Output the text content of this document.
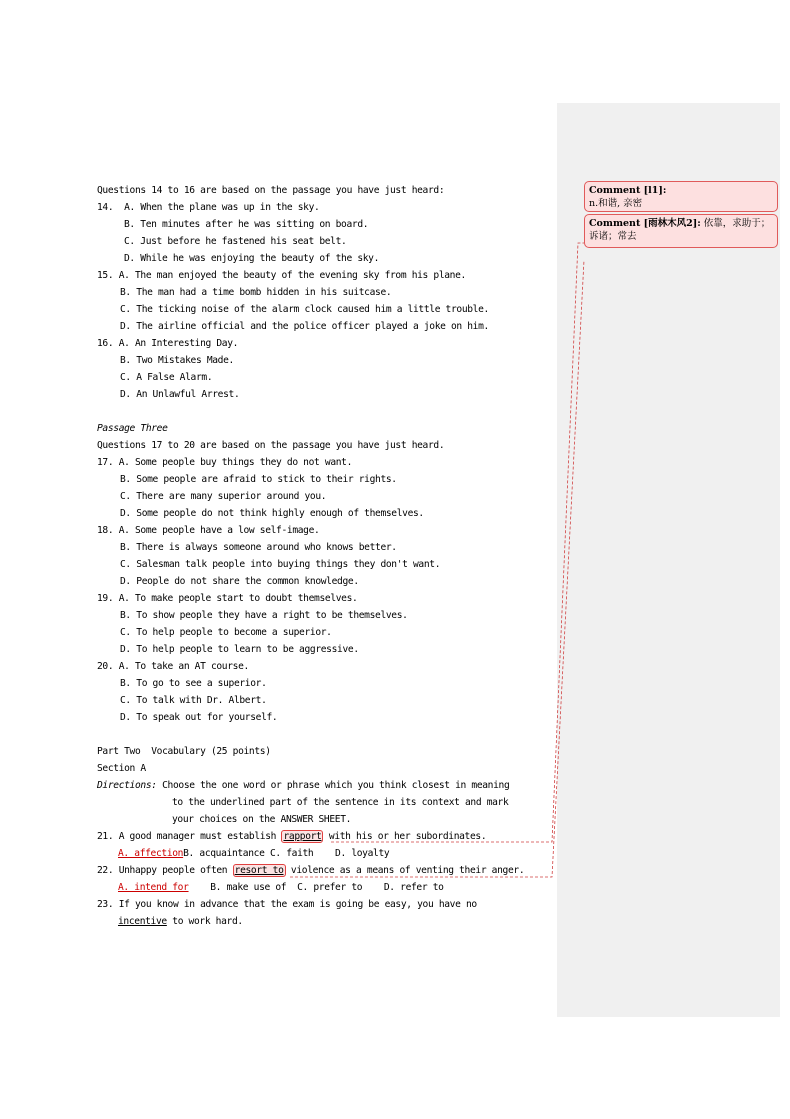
Questions 14 to 16 are based on the passage you have just heard:
14.  A. When the plane was up in the sky.
B. Ten minutes after he was sitting on board.
C. Just before he fastened his seat belt.
D. While he was enjoying the beauty of the sky.
15. A. The man enjoyed the beauty of the evening sky from his plane.
B. The man had a time bomb hidden in his suitcase.
C. The ticking noise of the alarm clock caused him a little trouble.
D. The airline official and the police officer played a joke on him.
16. A. An Interesting Day.
B. Two Mistakes Made.
C. A False Alarm.
D. An Unlawful Arrest.
Passage Three
Questions 17 to 20 are based on the passage you have just heard.
17. A. Some people buy things they do not want.
B. Some people are afraid to stick to their rights.
C. There are many superior around you.
D. Some people do not think highly enough of themselves.
18. A. Some people have a low self-image.
B. There is always someone around who knows better.
C. Salesman talk people into buying things they don't want.
D. People do not share the common knowledge.
19. A. To make people start to doubt themselves.
B. To show people they have a right to be themselves.
C. To help people to become a superior.
D. To help people to learn to be aggressive.
20. A. To take an AT course.
B. To go to see a superior.
C. To talk with Dr. Albert.
D. To speak out for yourself.
Part Two  Vocabulary (25 points)
Section A
Directions: Choose the one word or phrase which you think closest in meaning
to the underlined part of the sentence in its context and mark
your choices on the ANSWER SHEET.
21. A good manager must establish rapport with his or her subordinates.
A. affectionB. acquaintance C. faith    D. loyalty
22. Unhappy people often resort to violence as a means of venting their anger.
A. intend for    B. make use of  C. prefer to    D. refer to
23. If you know in advance that the exam is going be easy, you have no
incentive to work hard.
Comment [l1]:
n.和谐, 亲密
Comment [雨林木风2]: 依靠，求助于；
诉诸；常去
